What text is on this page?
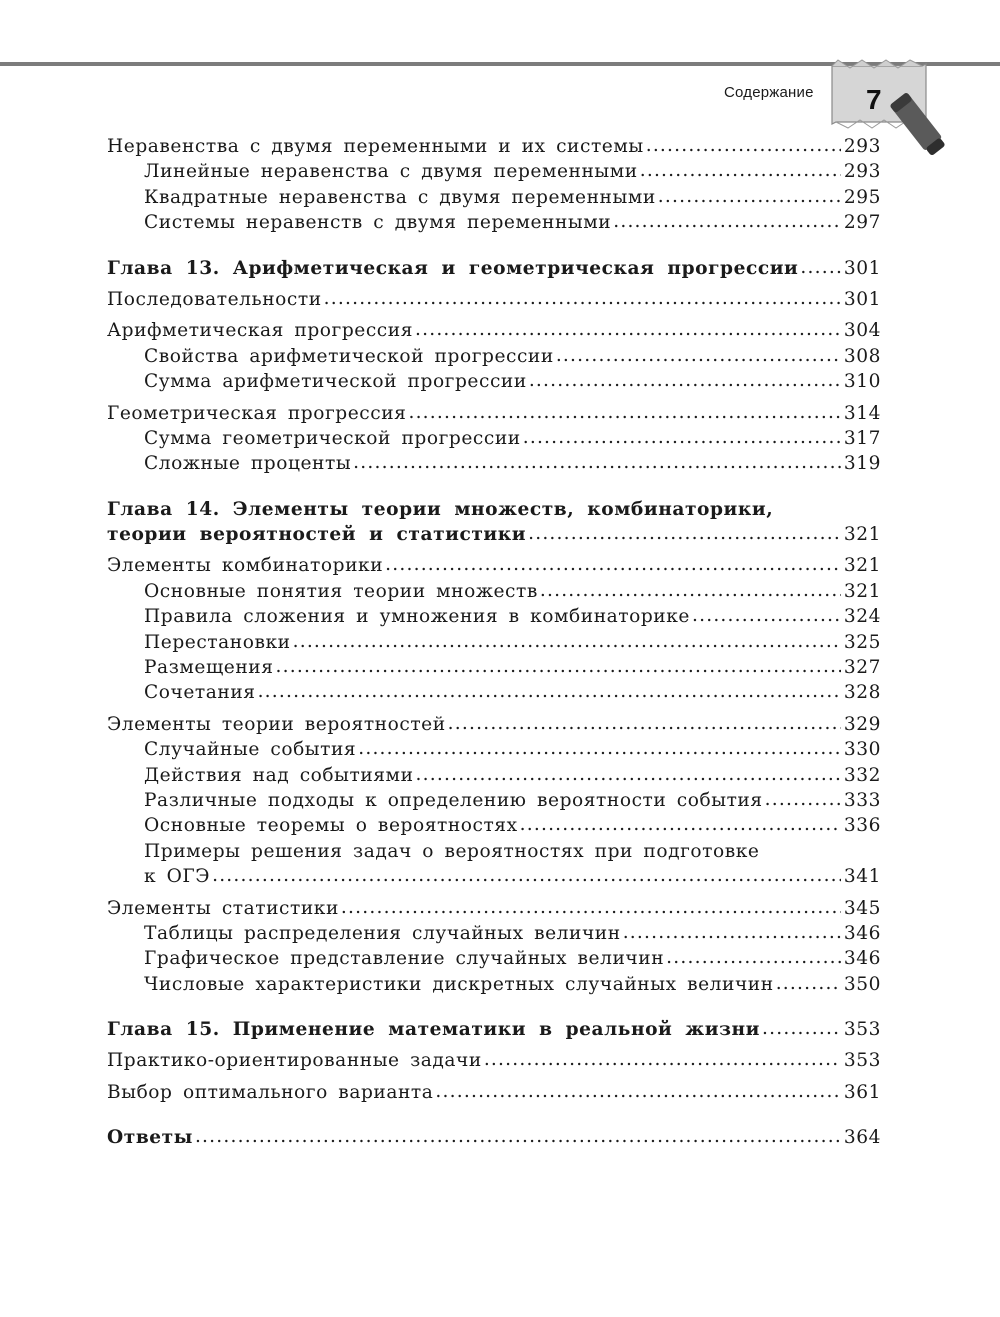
Содержание 7
Неравенства с двумя переменными и их системы .....	293
Линейные неравенства с двумя переменными .....	293
Квадратные неравенства с двумя переменными .....	295
Системы неравенств с двумя переменными .....	297
Глава 13. Арифметическая и геометрическая прогрессии ..... 301
Последовательности .....	301
Арифметическая прогрессия .....	304
Свойства арифметической прогрессии .....	308
Сумма арифметической прогрессии .....	310
Геометрическая прогрессия .....	314
Сумма геометрической прогрессии .....	317
Сложные проценты .....	319
Глава 14. Элементы теории множеств, комбинаторики,
теории вероятностей и статистики .....	321
Элементы комбинаторики .....	321
Основные понятия теории множеств .....	321
Правила сложения и умножения в комбинаторике .....	324
Перестановки .....	325
Размещения .....	327
Сочетания .....	328
Элементы теории вероятностей .....	329
Случайные события .....	330
Действия над событиями .....	332
Различные подходы к определению вероятности события .....	333
Основные теоремы о вероятностях .....	336
Примеры решения задач о вероятностях при подготовке
к ОГЭ .....	341
Элементы статистики .....	345
Таблицы распределения случайных величин .....	346
Графическое представление случайных величин .....	346
Числовые характеристики дискретных случайных величин .....	350
Глава 15. Применение математики в реальной жизни .....	353
Практико-ориентированные задачи .....	353
Выбор оптимального варианта .....	361
Ответы .....	364
